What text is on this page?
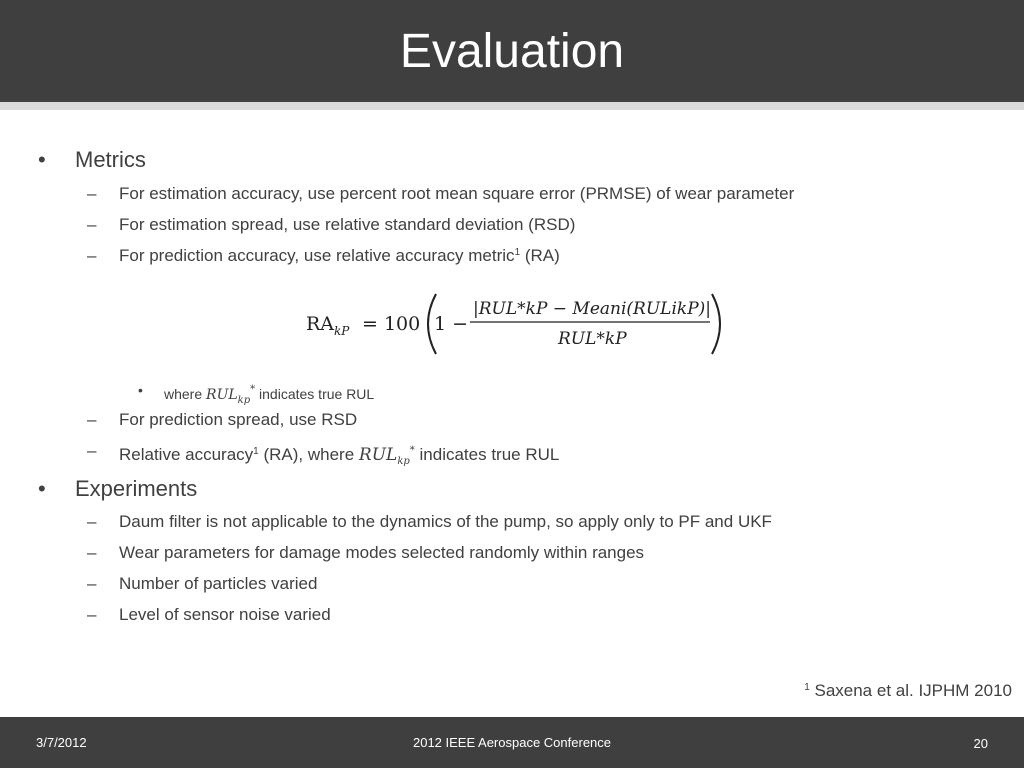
Evaluation
•	Metrics
– For estimation accuracy, use percent root mean square error (PRMSE) of wear parameter
– For estimation spread, use relative standard deviation (RSD)
– For prediction accuracy, use relative accuracy metric$^1$ (RA)
RA kP = 100 1 −
|RUL*kP − Meani(RULikP)|
RUL*kP
• where $RUL_{kp}^*$ indicates true RUL
– For prediction spread, use RSD
– Relative accuracy$^1$ (RA), where $RUL_{kp}^*$ indicates true RUL
•	Experiments
– Daum filter is not applicable to the dynamics of the pump, so apply only to PF and UKF
– Wear parameters for damage modes selected randomly within ranges
– Number of particles varied
– Level of sensor noise varied
$^1$ Saxena et al. IJPHM 2010
3/7/2012	2012 IEEE Aerospace Conference	20
